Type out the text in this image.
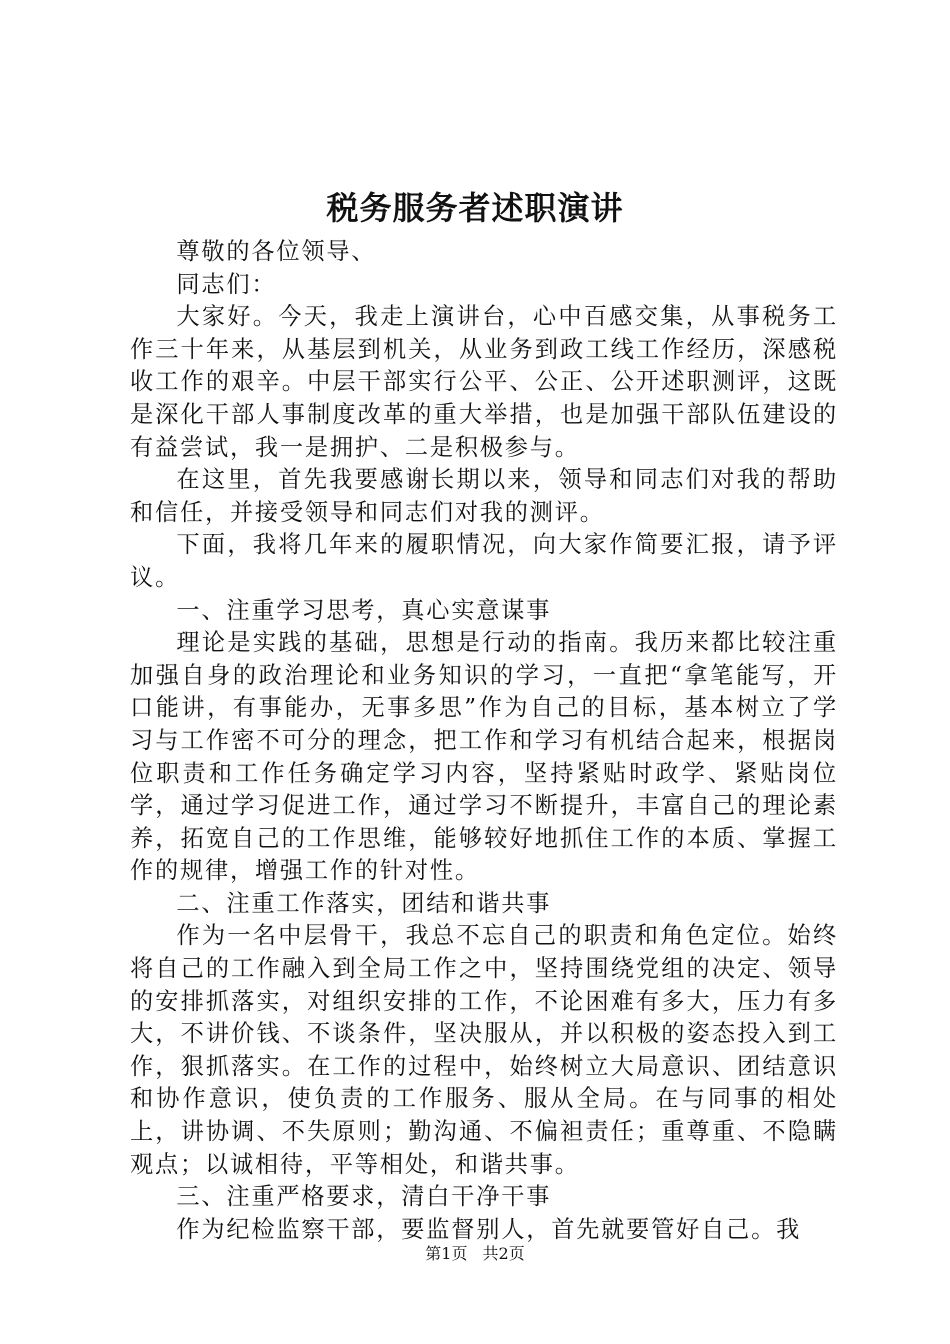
税务服务者述职演讲

尊敬的各位领导、

同志们：

大家好。今天，我走上演讲台，心中百感交集，从事税务工作三十年来，从基层到机关，从业务到政工线工作经历，深感税收工作的艰辛。中层干部实行公平、公正、公开述职测评，这既是深化干部人事制度改革的重大举措，也是加强干部队伍建设的有益尝试，我一是拥护、二是积极参与。

在这里，首先我要感谢长期以来，领导和同志们对我的帮助和信任，并接受领导和同志们对我的测评。

下面，我将几年来的履职情况，向大家作简要汇报，请予评议。

一、注重学习思考，真心实意谋事

理论是实践的基础，思想是行动的指南。我历来都比较注重加强自身的政治理论和业务知识的学习，一直把“拿笔能写，开口能讲，有事能办，无事多思”作为自己的目标，基本树立了学习与工作密不可分的理念，把工作和学习有机结合起来，根据岗位职责和工作任务确定学习内容，坚持紧贴时政学、紧贴岗位学，通过学习促进工作，通过学习不断提升，丰富自己的理论素养，拓宽自己的工作思维，能够较好地抓住工作的本质、掌握工作的规律，增强工作的针对性。

二、注重工作落实，团结和谐共事

作为一名中层骨干，我总不忘自己的职责和角色定位。始终将自己的工作融入到全局工作之中，坚持围绕党组的决定、领导的安排抓落实，对组织安排的工作，不论困难有多大，压力有多大，不讲价钱、不谈条件，坚决服从，并以积极的姿态投入到工作，狠抓落实。在工作的过程中，始终树立大局意识、团结意识和协作意识，使负责的工作服务、服从全局。在与同事的相处上，讲协调、不失原则；勤沟通、不偏袒责任；重尊重、不隐瞒观点；以诚相待，平等相处，和谐共事。

三、注重严格要求，清白干净干事

作为纪检监察干部，要监督别人，首先就要管好自己。我

第1页 共2页
